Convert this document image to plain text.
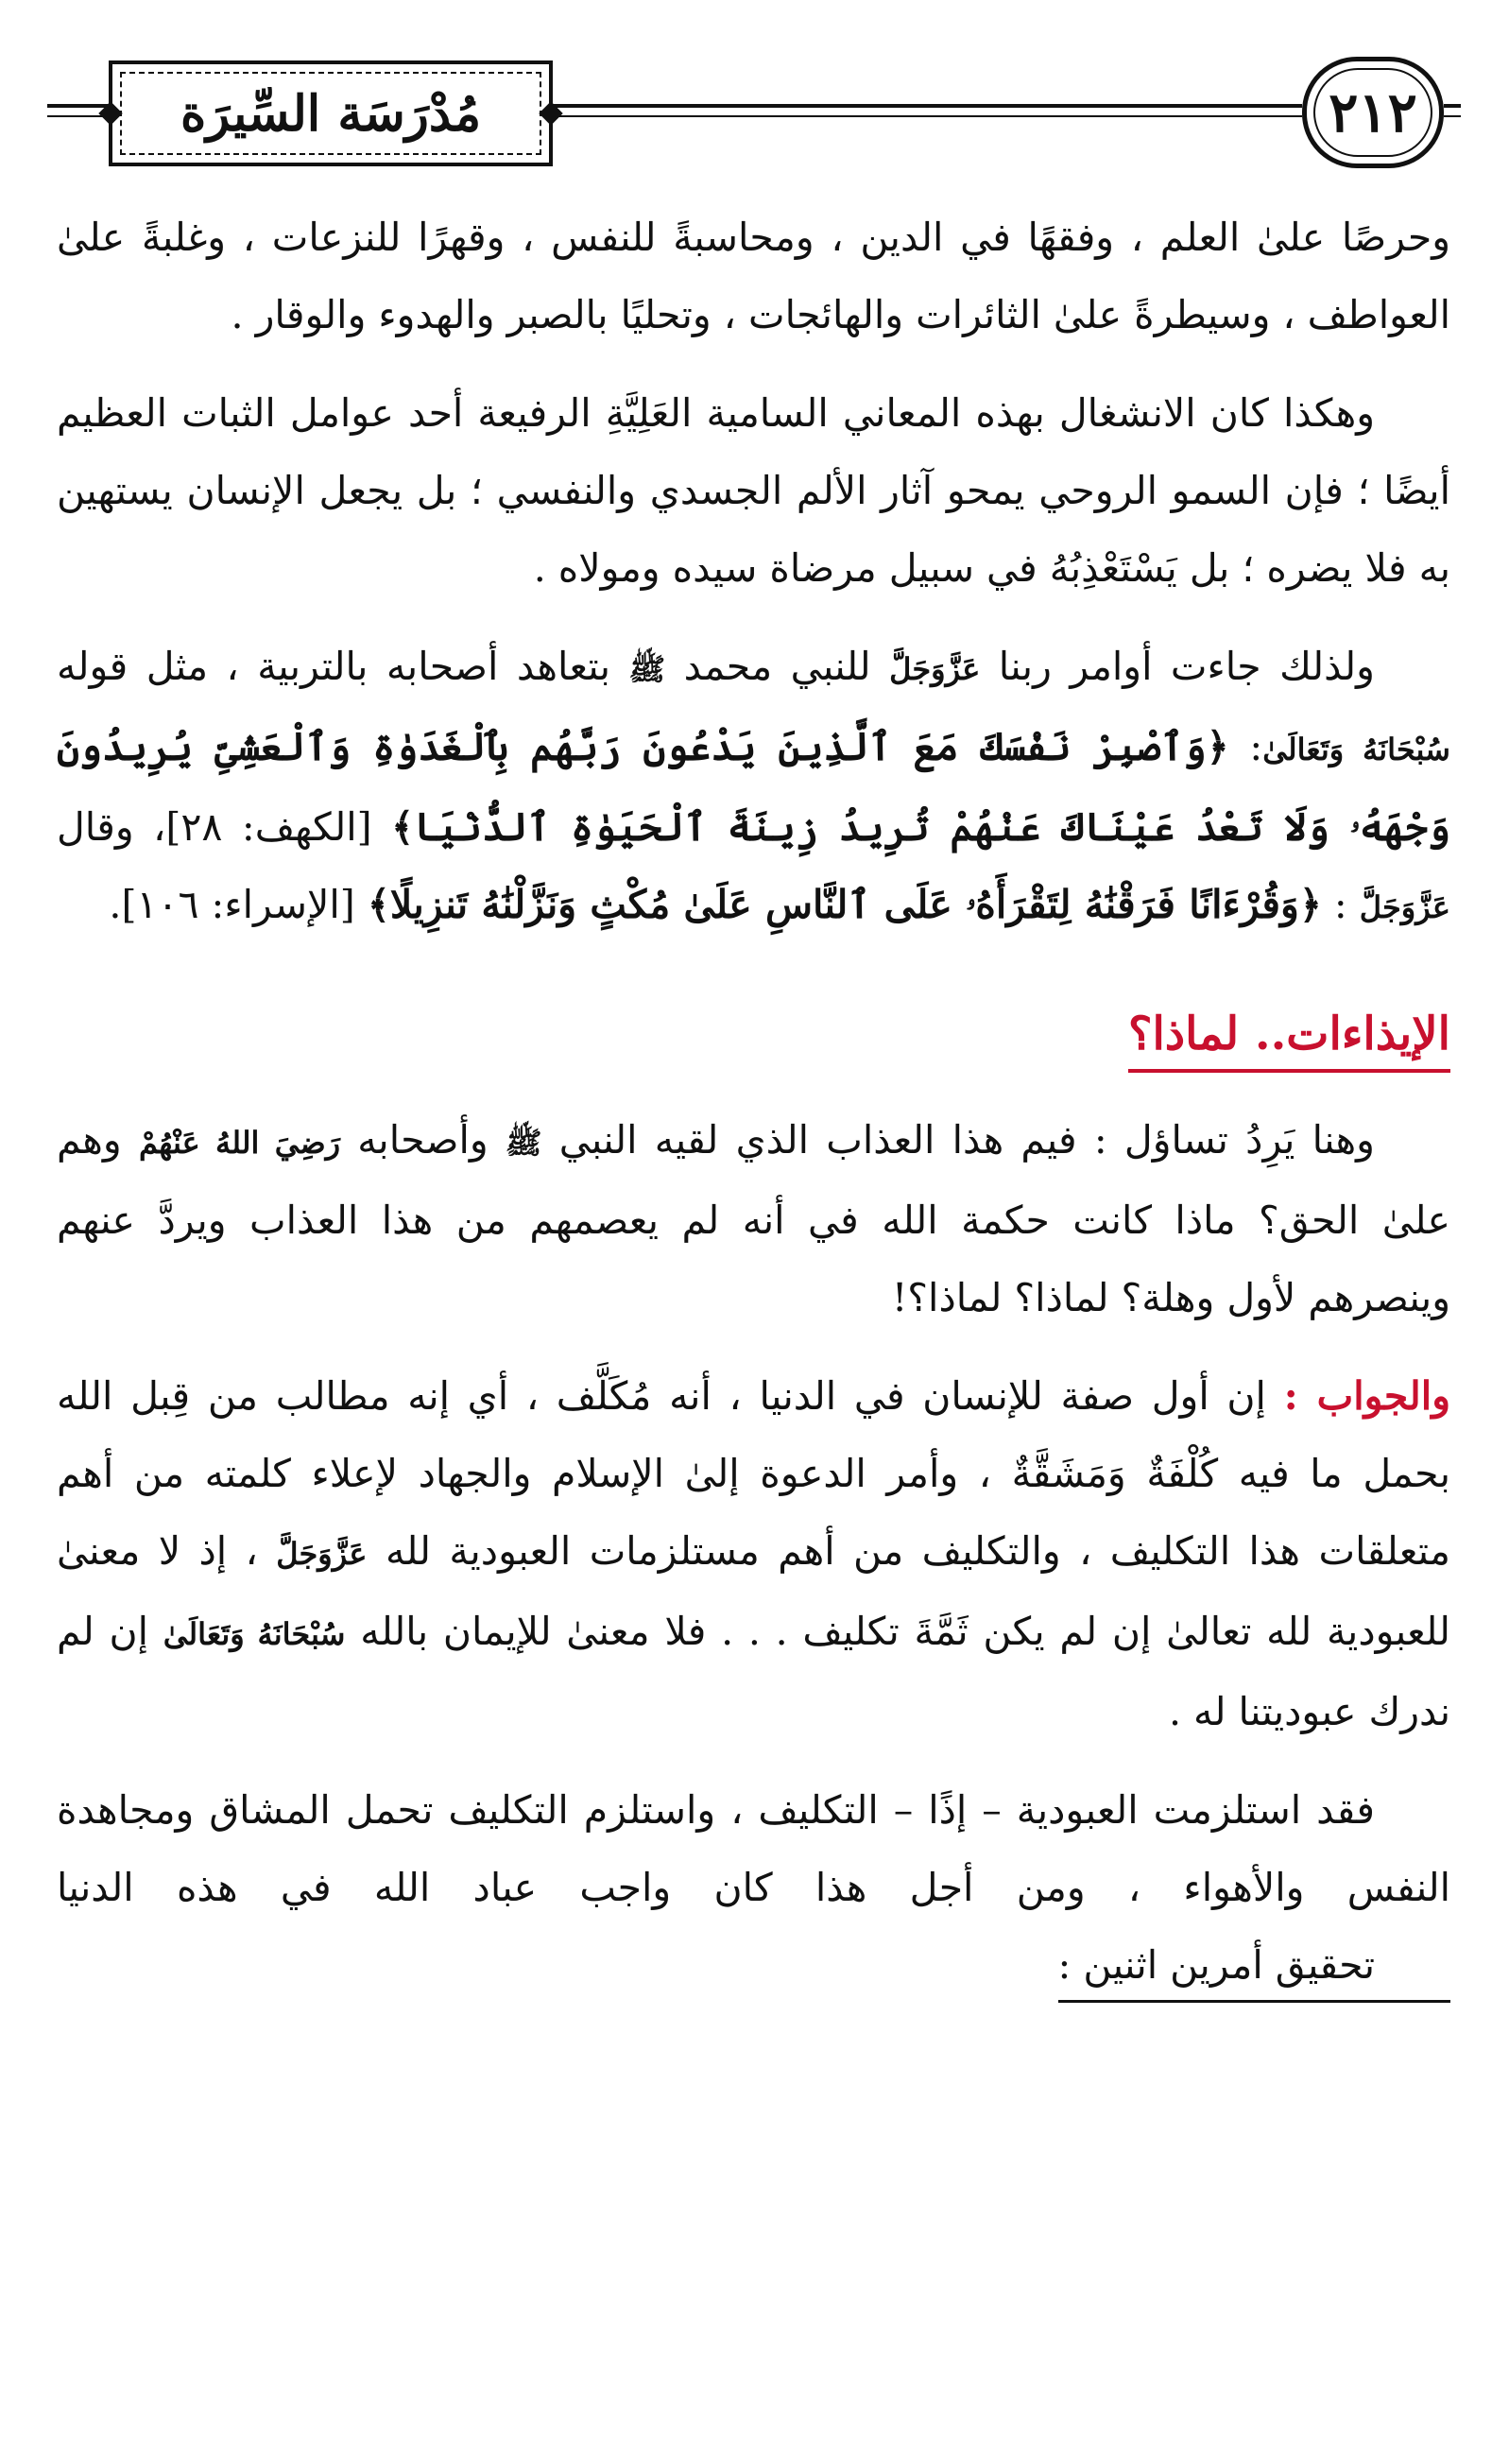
٢١٢
مُدْرَسَة السِّيرَة

وحرصًا علىٰ العلم ، وفقهًا في الدين ، ومحاسبةً للنفس ، وقهرًا للنزعات ، وغلبةً علىٰ العواطف ، وسيطرةً علىٰ الثائرات والهائجات ، وتحليًا بالصبر والهدوء والوقار .

وهكذا كان الانشغال بهذه المعاني السامية العَلِيَّةِ الرفيعة أحد عوامل الثبات العظيم أيضًا ؛ فإن السمو الروحي يمحو آثار الألم الجسدي والنفسي ؛ بل يجعل الإنسان يستهين به فلا يضره ؛ بل يَسْتَعْذِبُهُ في سبيل مرضاة سيده ومولاه .

ولذلك جاءت أوامر ربنا عَزَّوَجَلَّ للنبي محمد ﷺ بتعاهد أصحابه بالتربية ، مثل قوله سُبْحَانَهُ وَتَعَالَىٰ: ﴿وَٱصْبِرْ نَفْسَكَ مَعَ ٱلَّذِينَ يَدْعُونَ رَبَّهُم بِٱلْغَدَوٰةِ وَٱلْعَشِىِّ يُرِيدُونَ وَجْهَهُۥ وَلَا تَعْدُ عَيْنَاكَ عَنْهُمْ تُرِيدُ زِينَةَ ٱلْحَيَوٰةِ ٱلدُّنْيَا﴾ [الكهف: ٢٨]، وقال عَزَّوَجَلَّ : ﴿وَقُرْءَانًا فَرَقْنَٰهُ لِتَقْرَأَهُۥ عَلَى ٱلنَّاسِ عَلَىٰ مُكْثٍ وَنَزَّلْنَٰهُ تَنزِيلًا﴾ [الإسراء: ١٠٦].

الإيذاءات.. لماذا؟

وهنا يَرِدُ تساؤل : فيم هذا العذاب الذي لقيه النبي ﷺ وأصحابه رَضِيَ اللهُ عَنْهُمْ وهم علىٰ الحق؟ ماذا كانت حكمة الله في أنه لم يعصمهم من هذا العذاب ويردَّ عنهم وينصرهم لأول وهلة؟ لماذا؟ لماذا؟!

والجواب : إن أول صفة للإنسان في الدنيا ، أنه مُكَلَّف ، أي إنه مطالب من قِبل الله بحمل ما فيه كُلْفَةٌ وَمَشَقَّةٌ ، وأمر الدعوة إلىٰ الإسلام والجهاد لإعلاء كلمته من أهم متعلقات هذا التكليف ، والتكليف من أهم مستلزمات العبودية لله عَزَّوَجَلَّ ، إذ لا معنىٰ للعبودية لله تعالىٰ إن لم يكن ثَمَّةَ تكليف . . . فلا معنىٰ للإيمان بالله سُبْحَانَهُ وَتَعَالَىٰ إن لم ندرك عبوديتنا له .

فقد استلزمت العبودية – إذًا – التكليف ، واستلزم التكليف تحمل المشاق ومجاهدة النفس والأهواء ، ومن أجل هذا كان واجب عباد الله في هذه الدنيا تحقيق أمرين اثنين :
